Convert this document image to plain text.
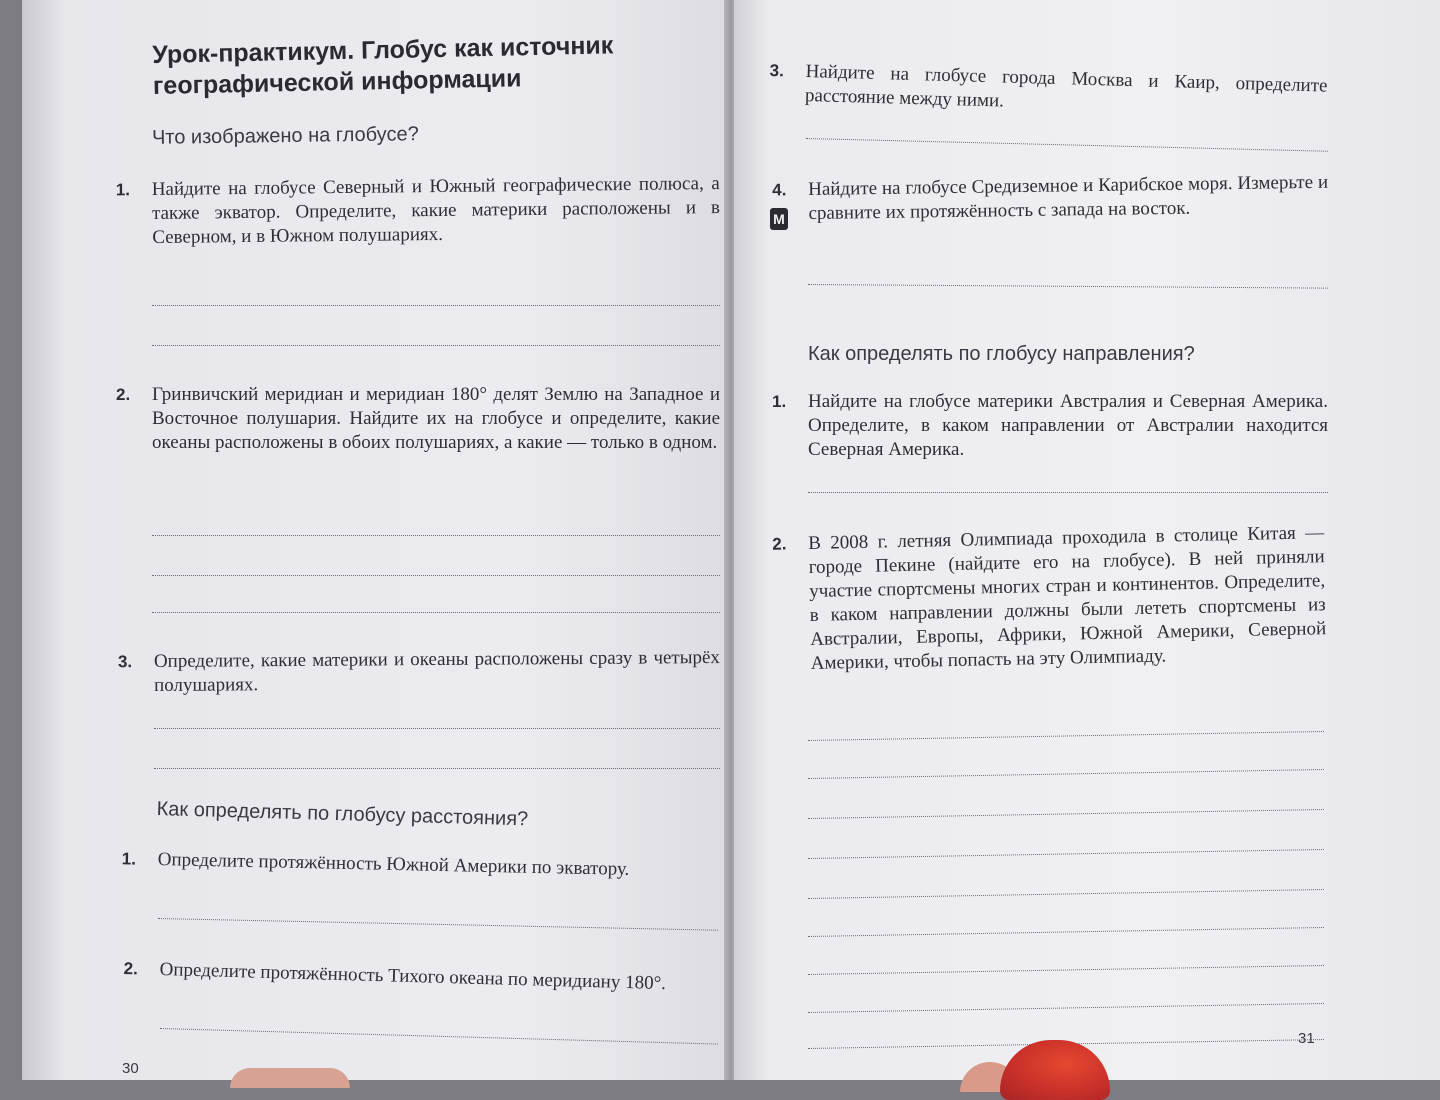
Урок-практикум. Глобус как источник
географической информации
Что изображено на глобусе?
1. Найдите на глобусе Северный и Южный географические полюса, а также экватор. Определите, какие материки расположены и в Северном, и в Южном полушариях.
2. Гринвичский меридиан и меридиан 180° делят Землю на Западное и Восточное полушария. Найдите их на глобусе и определите, какие океаны расположены в обоих полушариях, а какие — только в одном.
3. Определите, какие материки и океаны расположены сразу в четырёх полушариях.
Как определять по глобусу расстояния?
1. Определите протяжённость Южной Америки по экватору.
2. Определите протяжённость Тихого океана по меридиану 180°.
30
3. Найдите на глобусе города Москва и Каир, определите расстояние между ними.
М
4. Найдите на глобусе Средиземное и Карибское моря. Измерьте и сравните их протяжённость с запада на восток.
Как определять по глобусу направления?
1. Найдите на глобусе материки Австралия и Северная Америка. Определите, в каком направлении от Австралии находится Северная Америка.
2. В 2008 г. летняя Олимпиада проходила в столице Китая — городе Пекине (найдите его на глобусе). В ней приняли участие спортсмены многих стран и континентов. Определите, в каком направлении должны были лететь спортсмены из Австралии, Европы, Африки, Южной Америки, Северной Америки, чтобы попасть на эту Олимпиаду.
31
